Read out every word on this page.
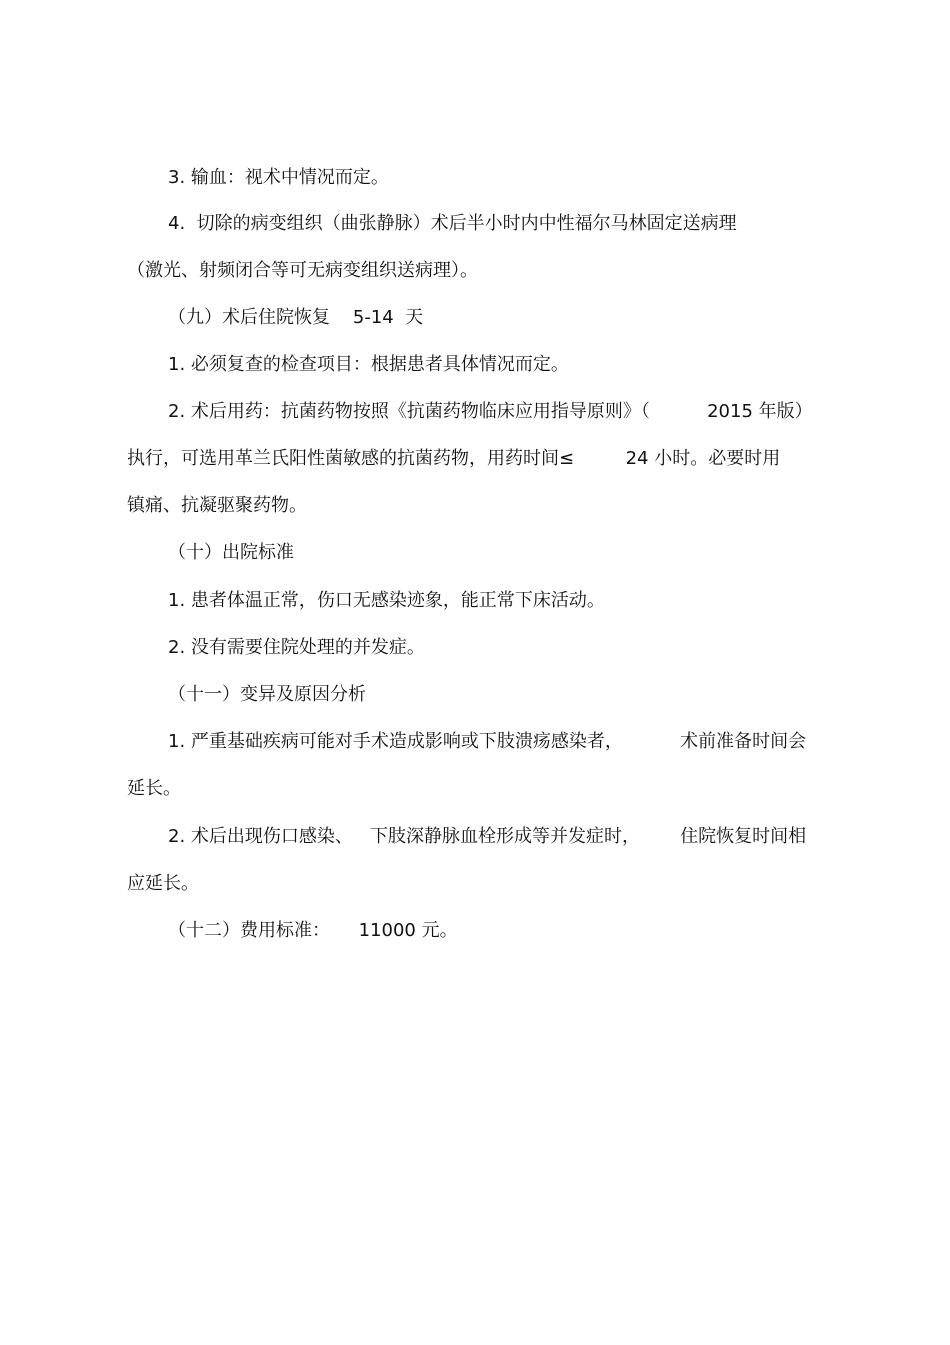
3. 输血：视术中情况而定。
4.  切除的病变组织（曲张静脉）术后半小时内中性福尔马林固定送病理
（激光、射频闭合等可无病变组织送病理）。
（九）术后住院恢复    5-14  天
1. 必须复查的检查项目：根据患者具体情况而定。
2. 术后用药：抗菌药物按照《抗菌药物临床应用指导原则》（          2015 年版）
执行，可选用革兰氏阳性菌敏感的抗菌药物，用药时间≤         24 小时。必要时用
镇痛、抗凝驱聚药物。
（十）出院标准
1. 患者体温正常，伤口无感染迹象，能正常下床活动。
2. 没有需要住院处理的并发症。
（十一）变异及原因分析
1. 严重基础疾病可能对手术造成影响或下肢溃疡感染者，          术前准备时间会
延长。
2. 术后出现伤口感染、   下肢深静脉血栓形成等并发症时，       住院恢复时间相
应延长。
（十二）费用标准：     11000 元。
